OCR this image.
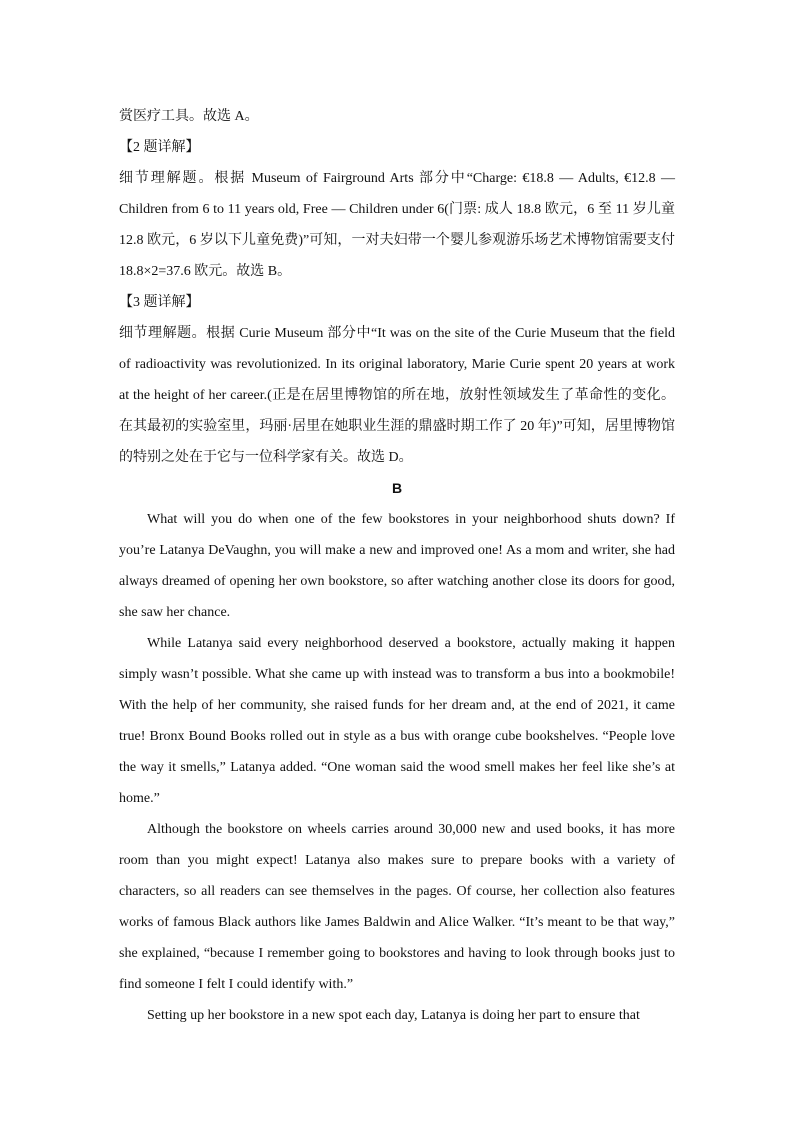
赏医疗工具。故选 A。

【2 题详解】

细节理解题。根据 Museum of Fairground Arts 部分中“Charge: €18.8 — Adults, €12.8 — Children from 6 to 11 years old, Free — Children under 6(门票: 成人 18.8 欧元，6 至 11 岁儿童 12.8 欧元，6 岁以下儿童免费)”可知，一对夫妇带一个婴儿参观游乐场艺术博物馆需要支付 18.8×2=37.6 欧元。故选 B。

【3 题详解】

细节理解题。根据 Curie Museum 部分中“It was on the site of the Curie Museum that the field of radioactivity was revolutionized. In its original laboratory, Marie Curie spent 20 years at work at the height of her career.(正是在居里博物馆的所在地，放射性领域发生了革命性的变化。在其最初的实验室里，玛丽·居里在她职业生涯的鼎盛时期工作了 20 年)”可知，居里博物馆的特别之处在于它与一位科学家有关。故选 D。

B

What will you do when one of the few bookstores in your neighborhood shuts down? If you’re Latanya DeVaughn, you will make a new and improved one! As a mom and writer, she had always dreamed of opening her own bookstore, so after watching another close its doors for good, she saw her chance.

While Latanya said every neighborhood deserved a bookstore, actually making it happen simply wasn’t possible. What she came up with instead was to transform a bus into a bookmobile! With the help of her community, she raised funds for her dream and, at the end of 2021, it came true! Bronx Bound Books rolled out in style as a bus with orange cube bookshelves. “People love the way it smells,” Latanya added. “One woman said the wood smell makes her feel like she’s at home.”

Although the bookstore on wheels carries around 30,000 new and used books, it has more room than you might expect! Latanya also makes sure to prepare books with a variety of characters, so all readers can see themselves in the pages. Of course, her collection also features works of famous Black authors like James Baldwin and Alice Walker. “It’s meant to be that way,” she explained, “because I remember going to bookstores and having to look through books just to find someone I felt I could identify with.”

Setting up her bookstore in a new spot each day, Latanya is doing her part to ensure that
